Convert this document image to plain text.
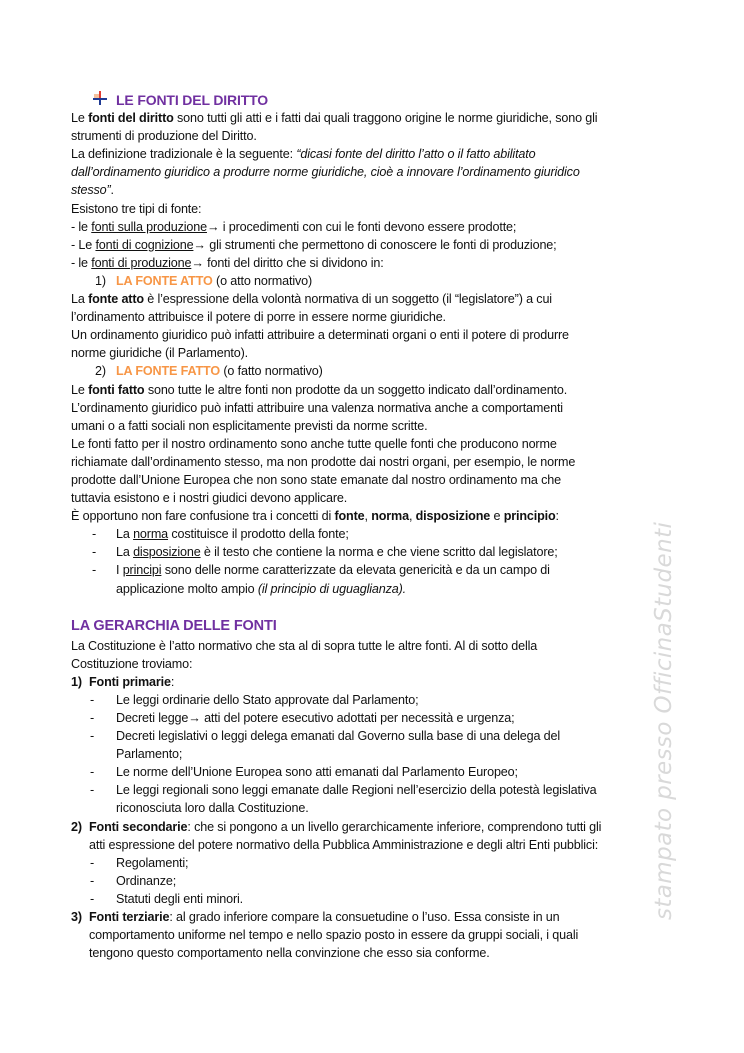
LE FONTI DEL DIRITTO
Le fonti del diritto sono tutti gli atti e i fatti dai quali traggono origine le norme giuridiche, sono gli
strumenti di produzione del Diritto.
La definizione tradizionale è la seguente: “dicasi fonte del diritto l’atto o il fatto abilitato
dall’ordinamento giuridico a produrre norme giuridiche, cioè a innovare l’ordinamento giuridico
stesso”.
Esistono tre tipi di fonte:
- le fonti sulla produzione→ i procedimenti con cui le fonti devono essere prodotte;
- Le fonti di cognizione→ gli strumenti che permettono di conoscere le fonti di produzione;
- le fonti di produzione→ fonti del diritto che si dividono in:
1) LA FONTE ATTO (o atto normativo)
La fonte atto è l’espressione della volontà normativa di un soggetto (il “legislatore”) a cui
l’ordinamento attribuisce il potere di porre in essere norme giuridiche.
Un ordinamento giuridico può infatti attribuire a determinati organi o enti il potere di produrre
norme giuridiche (il Parlamento).
2) LA FONTE FATTO (o fatto normativo)
Le fonti fatto sono tutte le altre fonti non prodotte da un soggetto indicato dall’ordinamento.
L’ordinamento giuridico può infatti attribuire una valenza normativa anche a comportamenti
umani o a fatti sociali non esplicitamente previsti da norme scritte.
Le fonti fatto per il nostro ordinamento sono anche tutte quelle fonti che producono norme
richiamate dall’ordinamento stesso, ma non prodotte dai nostri organi, per esempio, le norme
prodotte dall’Unione Europea che non sono state emanate dal nostro ordinamento ma che
tuttavia esistono e i nostri giudici devono applicare.
È opportuno non fare confusione tra i concetti di fonte, norma, disposizione e principio:
- La norma costituisce il prodotto della fonte;
- La disposizione è il testo che contiene la norma e che viene scritto dal legislatore;
- I principi sono delle norme caratterizzate da elevata genericità e da un campo di
applicazione molto ampio (il principio di uguaglianza).
LA GERARCHIA DELLE FONTI
La Costituzione è l’atto normativo che sta al di sopra tutte le altre fonti. Al di sotto della
Costituzione troviamo:
1) Fonti primarie:
- Le leggi ordinarie dello Stato approvate dal Parlamento;
- Decreti legge→ atti del potere esecutivo adottati per necessità e urgenza;
- Decreti legislativi o leggi delega emanati dal Governo sulla base di una delega del
Parlamento;
- Le norme dell’Unione Europea sono atti emanati dal Parlamento Europeo;
- Le leggi regionali sono leggi emanate dalle Regioni nell’esercizio della potestà legislativa
riconosciuta loro dalla Costituzione.
2) Fonti secondarie: che si pongono a un livello gerarchicamente inferiore, comprendono tutti gli
atti espressione del potere normativo della Pubblica Amministrazione e degli altri Enti pubblici:
- Regolamenti;
- Ordinanze;
- Statuti degli enti minori.
3) Fonti terziarie: al grado inferiore compare la consuetudine o l’uso. Essa consiste in un
comportamento uniforme nel tempo e nello spazio posto in essere da gruppi sociali, i quali
tengono questo comportamento nella convinzione che esso sia conforme.
stampato presso OfficinaStudenti
